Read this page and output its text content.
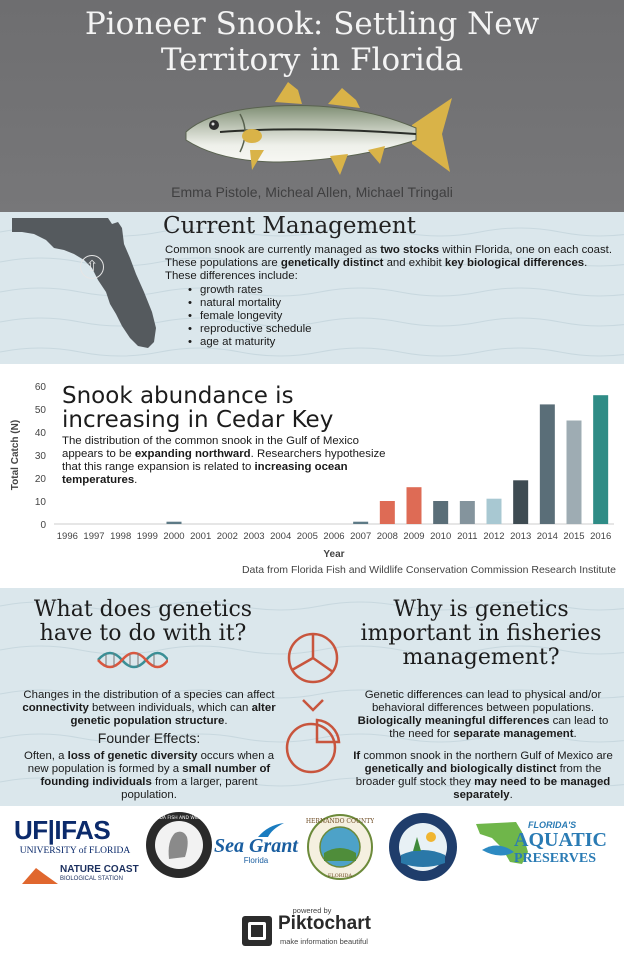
Pioneer Snook: Settling New
Territory in Florida
Emma Pistole, Micheal Allen, Michael Tringali
⇧
Current Management
Common snook are currently managed as two stocks within Florida, one on each coast. These populations are genetically distinct and exhibit key biological differences. These differences include:
• growth rates
• natural mortality
• female longevity
• reproductive schedule
• age at maturity
0
10
20
30
40
50
60
1996 1997 1998 1999 2000 2001 2002 2003 2004 2005 2006 2007 2008 2009 2010 2011 2012 2013 2014 2015 2016
Year
Total Catch (N)
Snook abundance is
increasing in Cedar Key
The distribution of the common snook in the Gulf of Mexico appears to be expanding northward. Researchers hypothesize that this range expansion is related to increasing ocean temperatures.
Data from Florida Fish and Wildlife Conservation Commission Research Institute
What does genetics
have to do with it?
Changes in the distribution of a species can affect connectivity between individuals, which can alter genetic population structure.
Founder Effects:
Often, a loss of genetic diversity occurs when a new population is formed by a small number of founding individuals from a larger, parent population.
Why is genetics
important in fisheries
management?
Genetic differences can lead to physical and/or behavioral differences between populations. Biologically meaningful differences can lead to the need for separate management.
If common snook in the northern Gulf of Mexico are genetically and biologically distinct from the broader gulf stock they may need to be managed separately.
UF|IFAS
UNIVERSITY of FLORIDA
NATURE COAST
BIOLOGICAL STATION
FLORIDA FISH AND WILDLIFE
Sea Grant
Florida
HERNANDO COUNTY
FLORIDA
FLORIDA'S
AQUATIC
PRESERVES
powered by
Piktochart
make information beautiful
